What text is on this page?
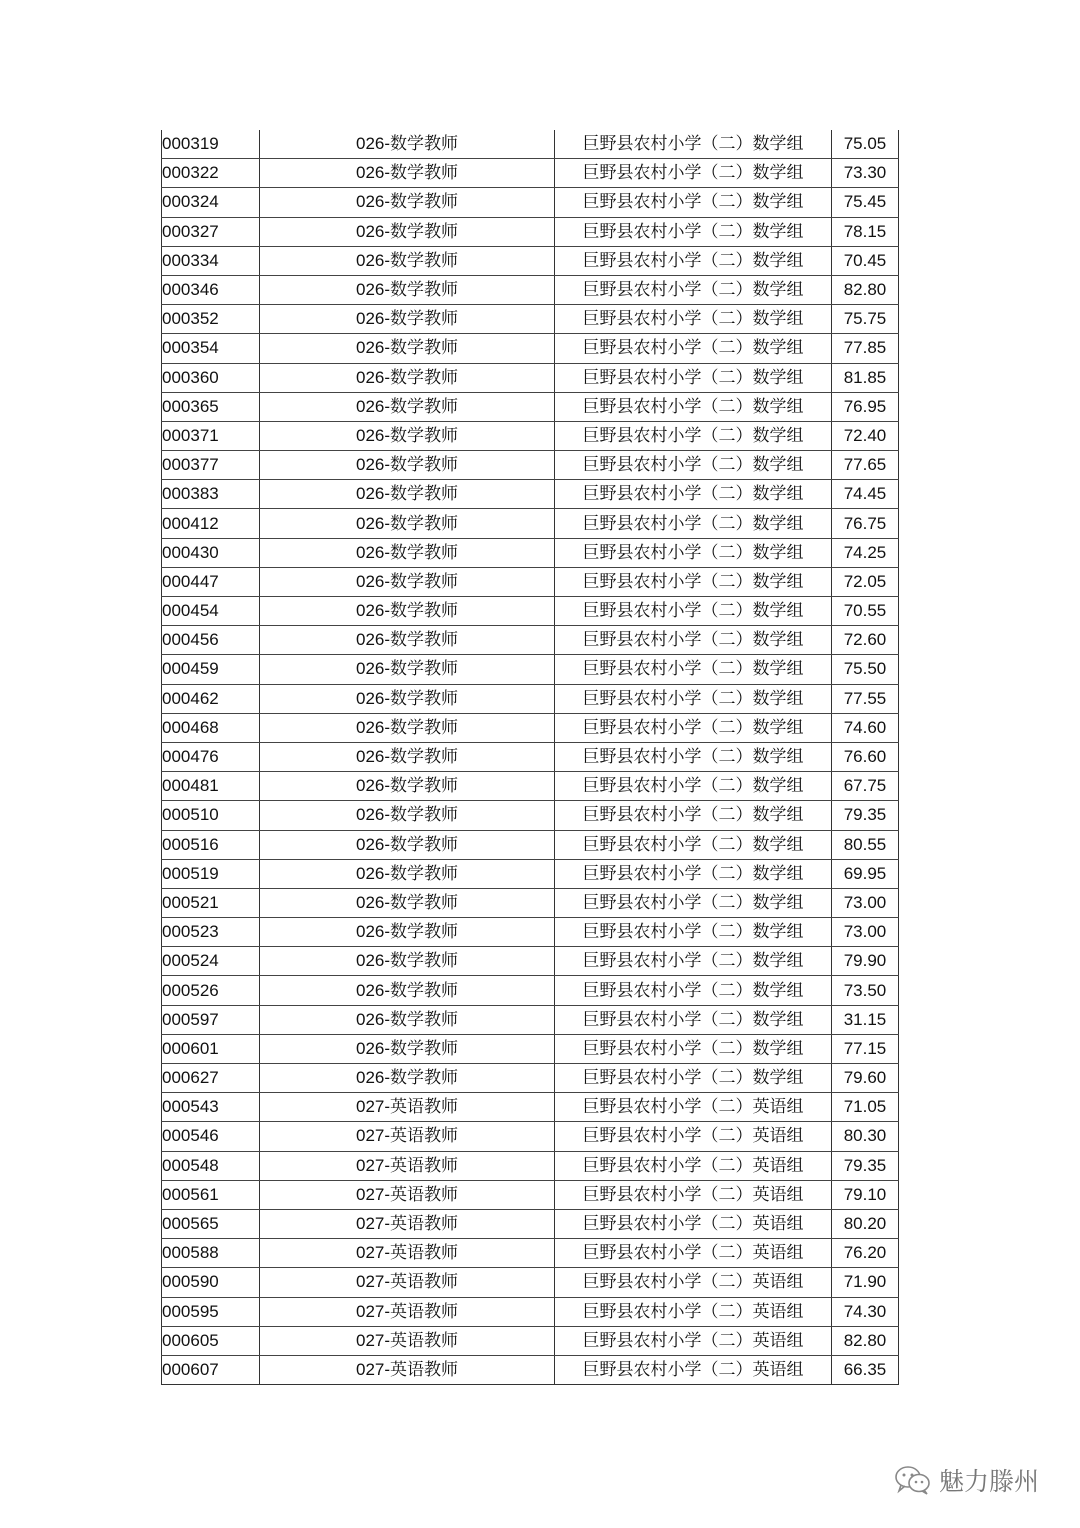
000319	026-数学教师	巨野县农村小学（二）数学组	75.05
000322	026-数学教师	巨野县农村小学（二）数学组	73.30
000324	026-数学教师	巨野县农村小学（二）数学组	75.45
000327	026-数学教师	巨野县农村小学（二）数学组	78.15
000334	026-数学教师	巨野县农村小学（二）数学组	70.45
000346	026-数学教师	巨野县农村小学（二）数学组	82.80
000352	026-数学教师	巨野县农村小学（二）数学组	75.75
000354	026-数学教师	巨野县农村小学（二）数学组	77.85
000360	026-数学教师	巨野县农村小学（二）数学组	81.85
000365	026-数学教师	巨野县农村小学（二）数学组	76.95
000371	026-数学教师	巨野县农村小学（二）数学组	72.40
000377	026-数学教师	巨野县农村小学（二）数学组	77.65
000383	026-数学教师	巨野县农村小学（二）数学组	74.45
000412	026-数学教师	巨野县农村小学（二）数学组	76.75
000430	026-数学教师	巨野县农村小学（二）数学组	74.25
000447	026-数学教师	巨野县农村小学（二）数学组	72.05
000454	026-数学教师	巨野县农村小学（二）数学组	70.55
000456	026-数学教师	巨野县农村小学（二）数学组	72.60
000459	026-数学教师	巨野县农村小学（二）数学组	75.50
000462	026-数学教师	巨野县农村小学（二）数学组	77.55
000468	026-数学教师	巨野县农村小学（二）数学组	74.60
000476	026-数学教师	巨野县农村小学（二）数学组	76.60
000481	026-数学教师	巨野县农村小学（二）数学组	67.75
000510	026-数学教师	巨野县农村小学（二）数学组	79.35
000516	026-数学教师	巨野县农村小学（二）数学组	80.55
000519	026-数学教师	巨野县农村小学（二）数学组	69.95
000521	026-数学教师	巨野县农村小学（二）数学组	73.00
000523	026-数学教师	巨野县农村小学（二）数学组	73.00
000524	026-数学教师	巨野县农村小学（二）数学组	79.90
000526	026-数学教师	巨野县农村小学（二）数学组	73.50
000597	026-数学教师	巨野县农村小学（二）数学组	31.15
000601	026-数学教师	巨野县农村小学（二）数学组	77.15
000627	026-数学教师	巨野县农村小学（二）数学组	79.60
000543	027-英语教师	巨野县农村小学（二）英语组	71.05
000546	027-英语教师	巨野县农村小学（二）英语组	80.30
000548	027-英语教师	巨野县农村小学（二）英语组	79.35
000561	027-英语教师	巨野县农村小学（二）英语组	79.10
000565	027-英语教师	巨野县农村小学（二）英语组	80.20
000588	027-英语教师	巨野县农村小学（二）英语组	76.20
000590	027-英语教师	巨野县农村小学（二）英语组	71.90
000595	027-英语教师	巨野县农村小学（二）英语组	74.30
000605	027-英语教师	巨野县农村小学（二）英语组	82.80
000607	027-英语教师	巨野县农村小学（二）英语组	66.35
魅力滕州
